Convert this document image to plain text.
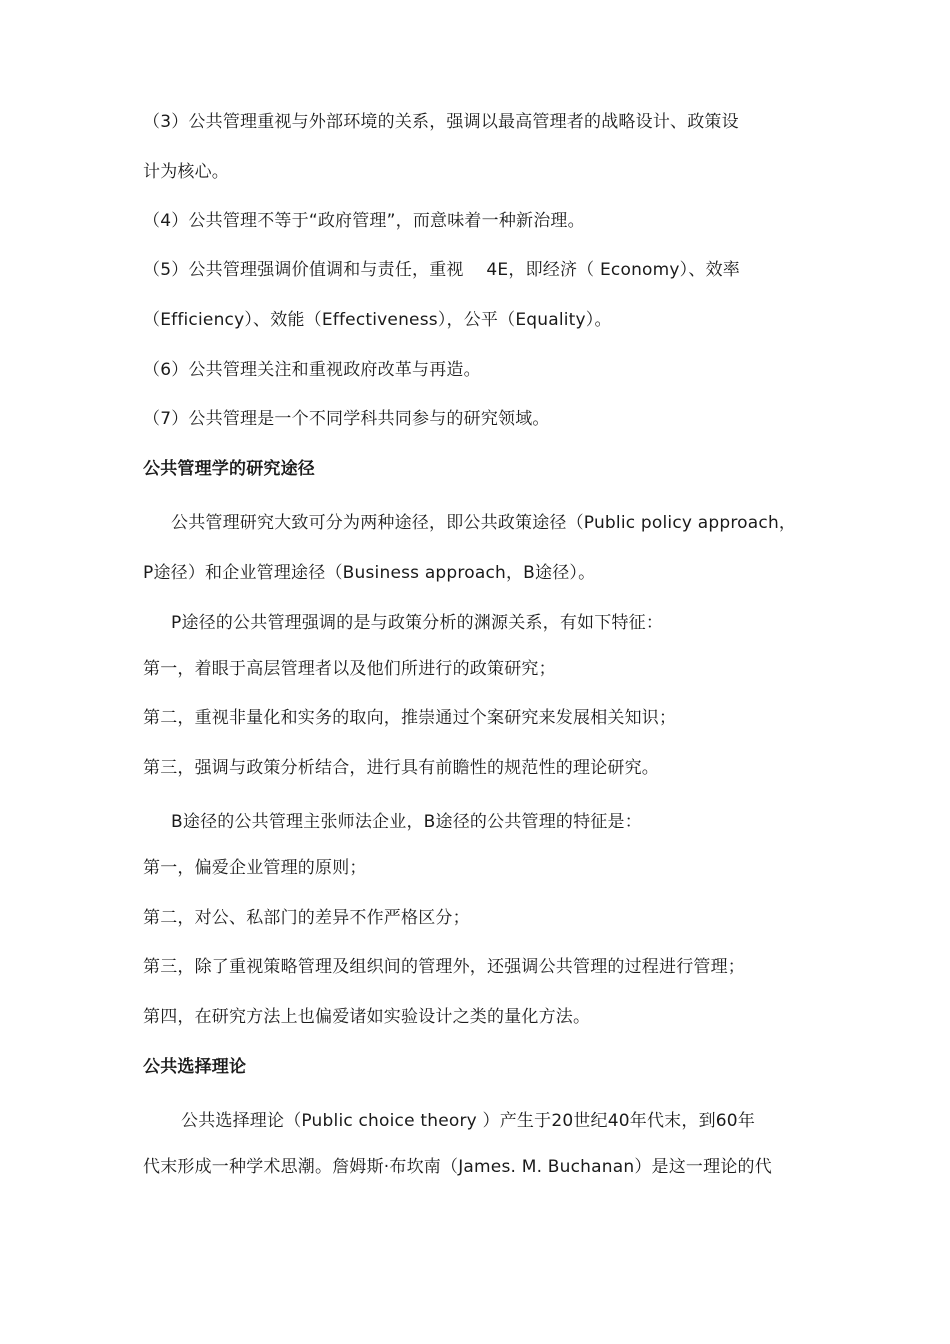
（3）公共管理重视与外部环境的关系，强调以最高管理者的战略设计、政策设
计为核心。
（4）公共管理不等于“政府管理”，而意味着一种新治理。
（5）公共管理强调价值调和与责任，重视　 4E，即经济（ Economy）、效率
（Efficiency）、效能（Effectiveness），公平（Equality）。
（6）公共管理关注和重视政府改革与再造。
（7）公共管理是一个不同学科共同参与的研究领域。
公共管理学的研究途径
公共管理研究大致可分为两种途径，即公共政策途径（Public policy approach，
P途径）和企业管理途径（Business approach，B途径）。
P途径的公共管理强调的是与政策分析的渊源关系，有如下特征：
第一，着眼于高层管理者以及他们所进行的政策研究；
第二，重视非量化和实务的取向，推崇通过个案研究来发展相关知识；
第三，强调与政策分析结合，进行具有前瞻性的规范性的理论研究。
B途径的公共管理主张师法企业，B途径的公共管理的特征是：
第一，偏爱企业管理的原则；
第二，对公、私部门的差异不作严格区分；
第三，除了重视策略管理及组织间的管理外，还强调公共管理的过程进行管理；
第四，在研究方法上也偏爱诸如实验设计之类的量化方法。
公共选择理论
公共选择理论（Public choice theory ）产生于20世纪40年代末，到60年
代末形成一种学术思潮。詹姆斯·布坎南（James. M. Buchanan）是这一理论的代
